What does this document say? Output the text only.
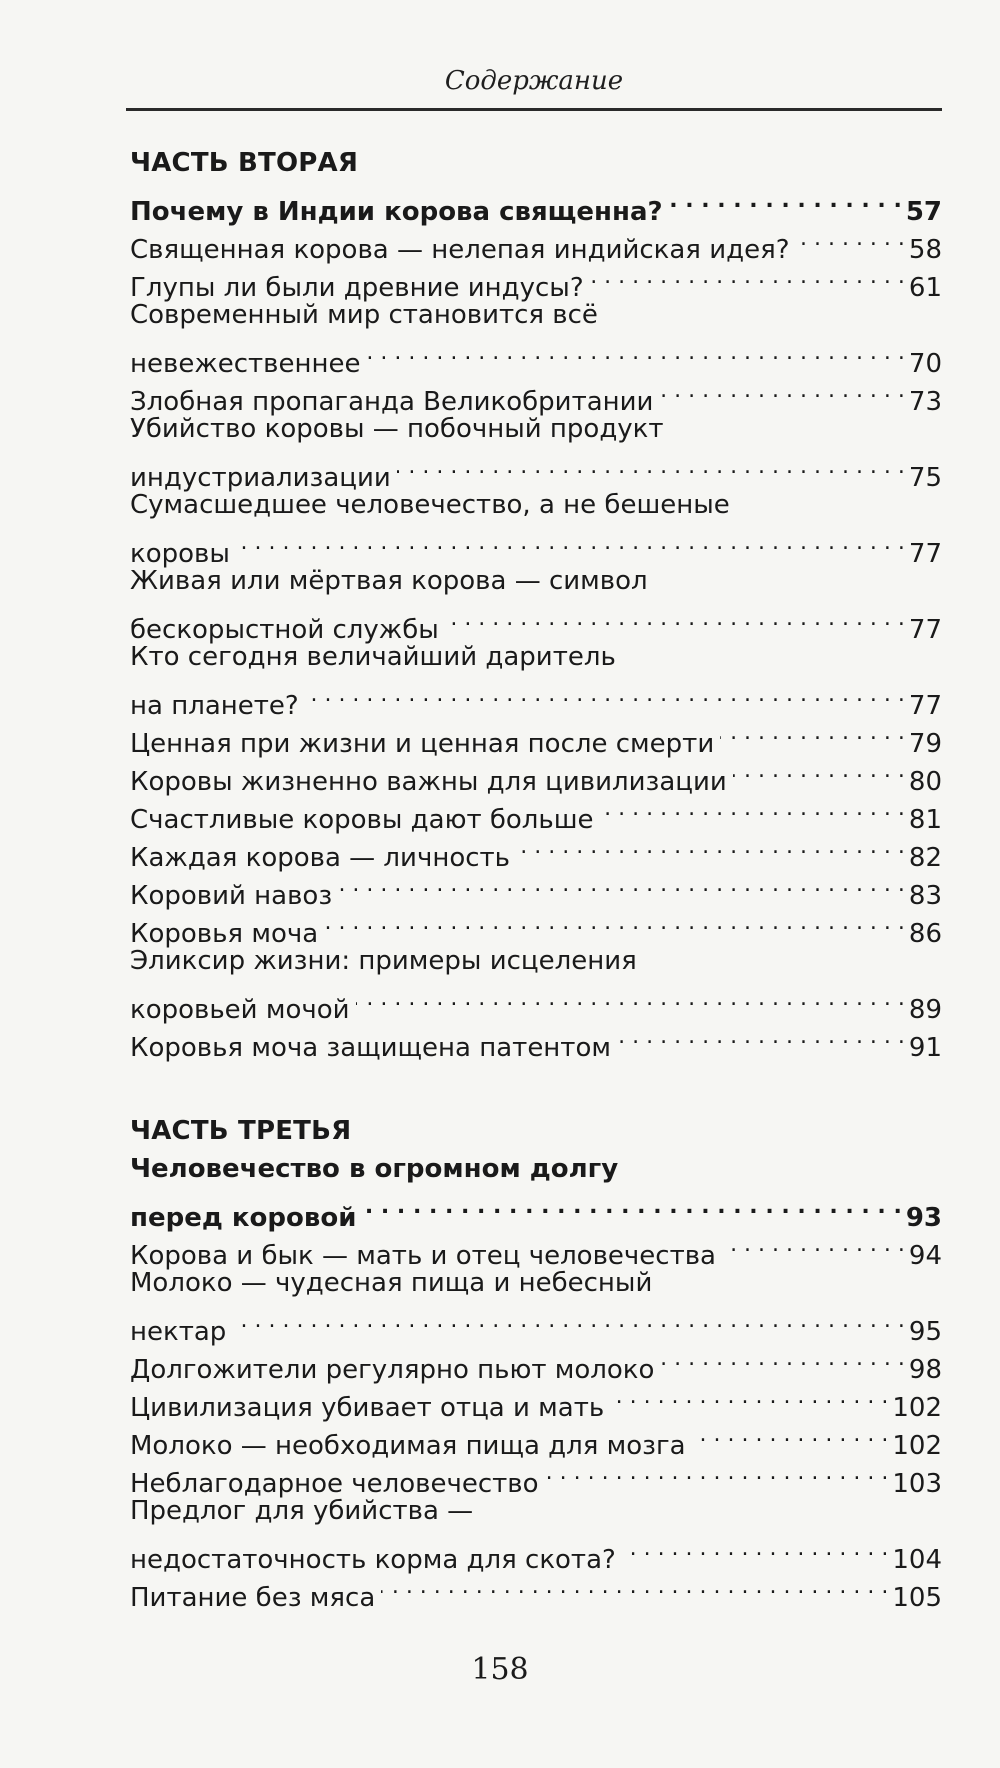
Содержание
ЧАСТЬ ВТОРАЯ
Почему в Индии корова священна? . . .	57
Священная корова — нелепая индийская идея? . . .	58
Глупы ли были древние индусы? . . .	61
Современный мир становится всё
невежественнее . . .	70
Злобная пропаганда Великобритании . . .	73
Убийство коровы — побочный продукт
индустриализации . . .	75
Сумасшедшее человечество, а не бешеные
коровы . . .	77
Живая или мёртвая корова — символ
бескорыстной службы . . .	77
Кто сегодня величайший даритель
на планете? . . .	77
Ценная при жизни и ценная после смерти . . .	79
Коровы жизненно важны для цивилизации . . .	80
Счастливые коровы дают больше . . .	81
Каждая корова — личность . . .	82
Коровий навоз . . .	83
Коровья моча . . .	86
Эликсир жизни: примеры исцеления
коровьей мочой . . .	89
Коровья моча защищена патентом . . .	91
ЧАСТЬ ТРЕТЬЯ
Человечество в огромном долгу
перед коровой . . .	93
Корова и бык — мать и отец человечества . . .	94
Молоко — чудесная пища и небесный
нектар . . .	95
Долгожители регулярно пьют молоко . . .	98
Цивилизация убивает отца и мать . . .	102
Молоко — необходимая пища для мозга . . .	102
Неблагодарное человечество . . .	103
Предлог для убийства —
недостаточность корма для скота? . . .	104
Питание без мяса . . .	105
158
